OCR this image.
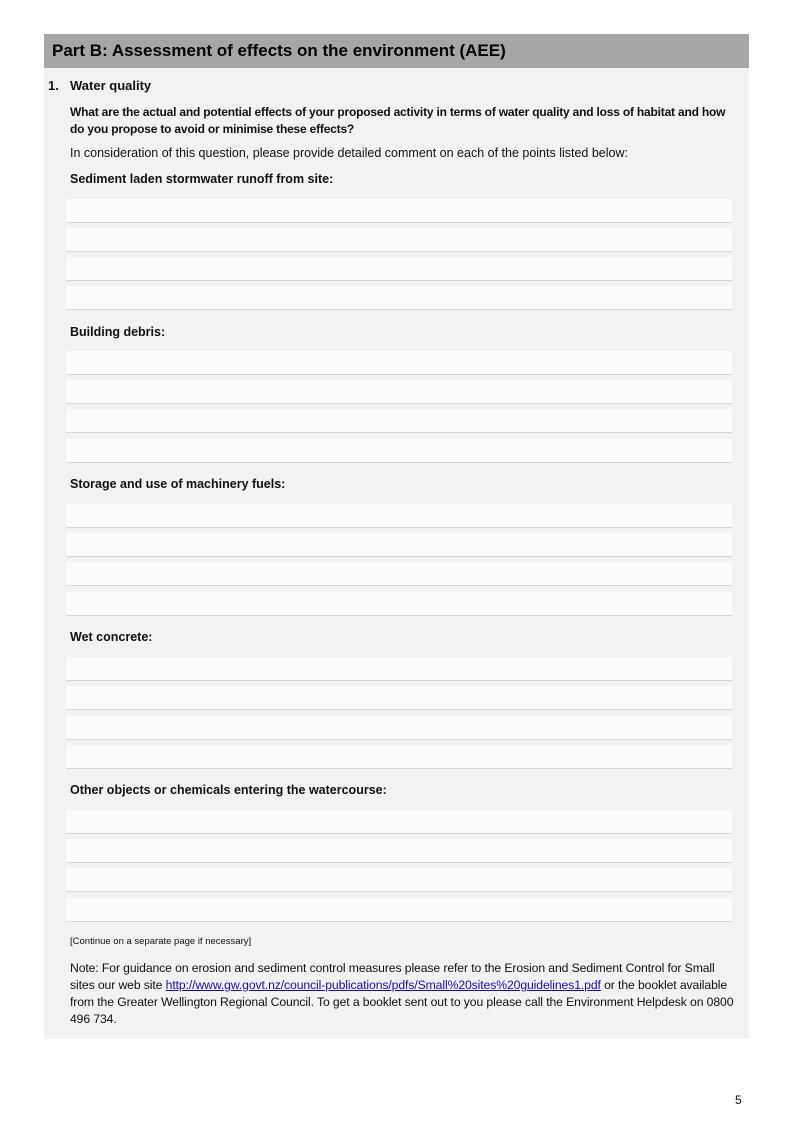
Part B: Assessment of effects on the environment (AEE)
1. Water quality
What are the actual and potential effects of your proposed activity in terms of water quality and loss of habitat and how do you propose to avoid or minimise these effects?
In consideration of this question, please provide detailed comment on each of the points listed below:
Sediment laden stormwater runoff from site:
Building debris:
Storage and use of machinery fuels:
Wet concrete:
Other objects or chemicals entering the watercourse:
[Continue on a separate page if necessary]
Note: For guidance on erosion and sediment control measures please refer to the Erosion and Sediment Control for Small sites our web site http://www.gw.govt.nz/council-publications/pdfs/Small%20sites%20guidelines1.pdf or the booklet available from the Greater Wellington Regional Council. To get a booklet sent out to you please call the Environment Helpdesk on 0800 496 734.
5
